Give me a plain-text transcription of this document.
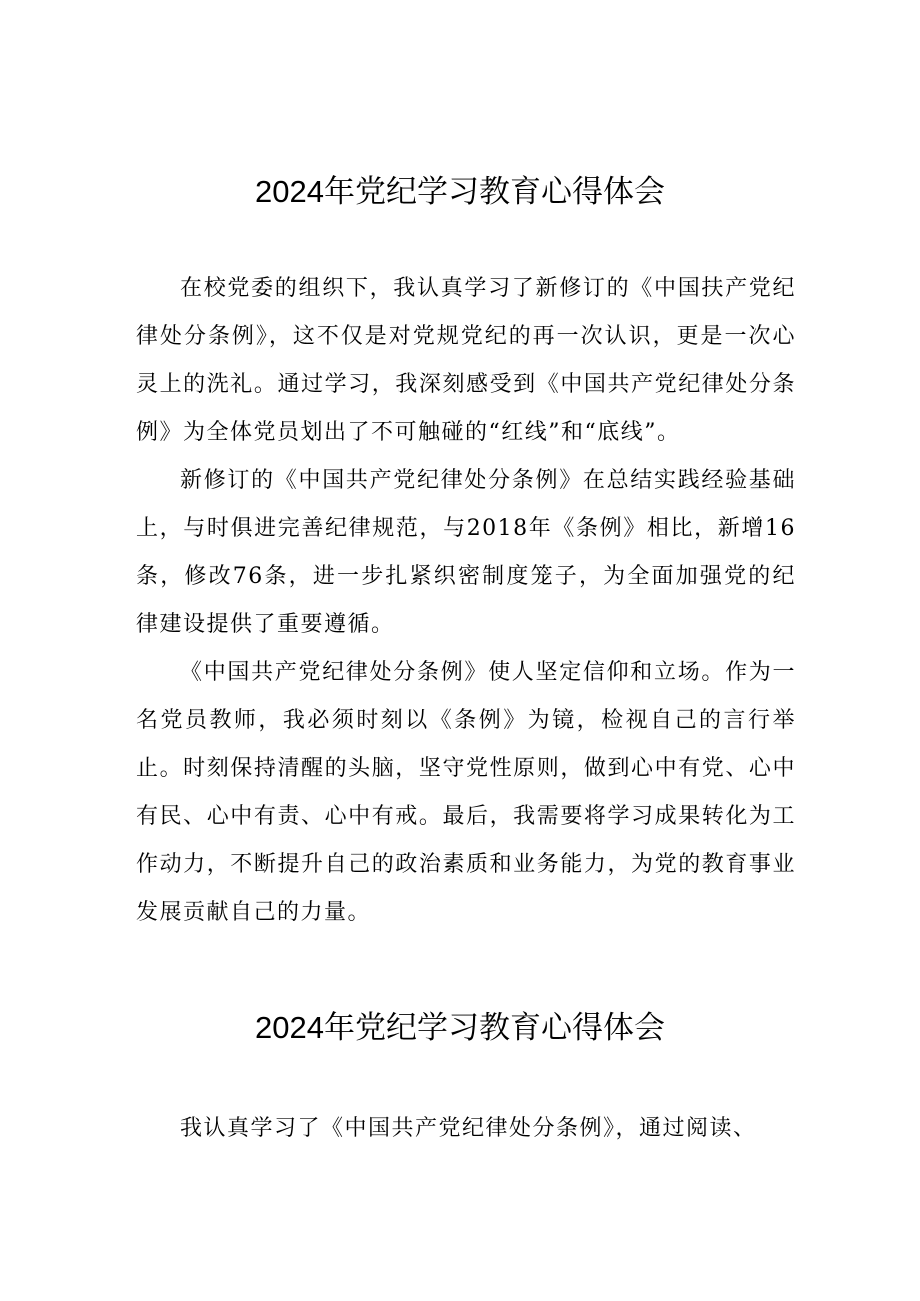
2024年党纪学习教育心得体会

在校党委的组织下，我认真学习了新修订的《中国扶产党纪律处分条例》，这不仅是对党规党纪的再一次认识，更是一次心灵上的洗礼。通过学习，我深刻感受到《中国共产党纪律处分条例》为全体党员划出了不可触碰的“红线”和“底线”。

新修订的《中国共产党纪律处分条例》在总结实践经验基础上，与时俱进完善纪律规范，与2018年《条例》相比，新增16条，修改76条，进一步扎紧织密制度笼子，为全面加强党的纪律建设提供了重要遵循。

《中国共产党纪律处分条例》使人坚定信仰和立场。作为一名党员教师，我必须时刻以《条例》为镜，检视自己的言行举止。时刻保持清醒的头脑，坚守党性原则，做到心中有党、心中有民、心中有责、心中有戒。最后，我需要将学习成果转化为工作动力，不断提升自己的政治素质和业务能力，为党的教育事业发展贡献自己的力量。

2024年党纪学习教育心得体会

我认真学习了《中国共产党纪律处分条例》，通过阅读、
